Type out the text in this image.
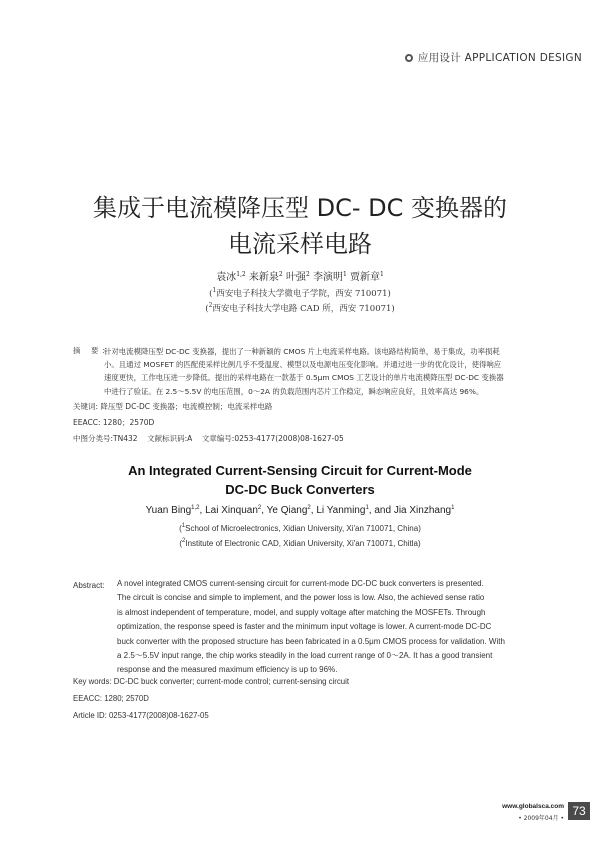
应用设计 APPLICATION DESIGN
集成于电流模降压型 DC- DC 变换器的
电流采样电路
袁冰$^{1,2}$ 来新泉$^2$ 叶强$^2$ 李演明$^1$ 贾新章$^1$
($^1$西安电子科技大学微电子学院，西安 710071)
($^2$西安电子科技大学电路 CAD 所，西安 710071)
摘 要:
针对电流模降压型 DC-DC 变换器，提出了一种新颖的 CMOS 片上电流采样电路。该电路结构简单，易于集成，功率损耗
小。且通过 MOSFET 的匹配使采样比例几乎不受温度、模型以及电源电压变化影响。并通过进一步的优化设计，使得响应
速度更快，工作电压进一步降低。提出的采样电路在一款基于 0.5μm CMOS 工艺设计的单片电流模降压型 DC-DC 变换器
中进行了验证。在 2.5～5.5V 的电压范围，0～2A 的负载范围内芯片工作稳定，瞬态响应良好，且效率高达 96%。
关键词: 降压型 DC-DC 变换器；电流模控制；电流采样电路
EEACC: 1280；2570D
中图分类号:TN432 文献标识码:A 文章编号:0253-4177(2008)08-1627-05
An Integrated Current-Sensing Circuit for Current-Mode
DC-DC Buck Converters
Yuan Bing$^{1,2}$, Lai Xinquan$^2$, Ye Qiang$^2$, Li Yanming$^1$, and Jia Xinzhang$^1$
($^1$School of Microelectronics, Xidian University, Xi'an 710071, China)
($^2$Institute of Electronic CAD, Xidian University, Xi'an 710071, Chitla)
Abstract: A novel integrated CMOS current-sensing circuit for current-mode DC-DC buck converters is presented.
The circuit is concise and simple to implement, and the power loss is low. Also, the achieved sense ratio
is almost independent of temperature, model, and supply voltage after matching the MOSFETs. Through
optimization, the response speed is faster and the minimum input voltage is lower. A current-mode DC-DC
buck converter with the proposed structure has been fabricated in a 0.5μm CMOS process for validation. With
a 2.5～5.5V input range, the chip works steadily in the load current range of 0～2A. It has a good transient
response and the measured maximum efficiency is up to 96%.
Key words: DC-DC buck converter; current-mode control; current-sensing circuit
EEACC: 1280; 2570D
Article ID: 0253-4177(2008)08-1627-05
www.globalsca.com
• 2009年04月 •
73
